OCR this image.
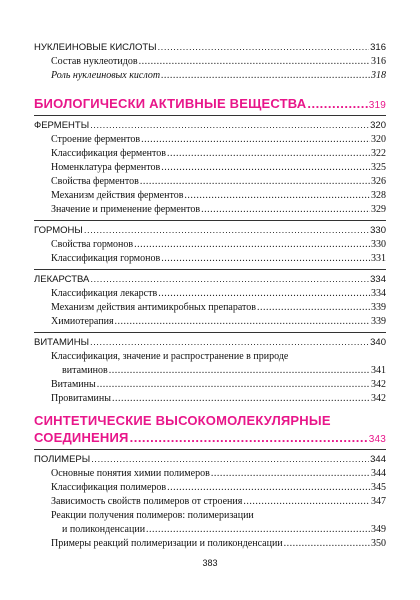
НУКЛЕИНОВЫЕ КИСЛОТЫ .....	316
Состав нуклеотидов .....	316
Роль нуклеиновых кислот .....	318
БИОЛОГИЧЕСКИ АКТИВНЫЕ ВЕЩЕСТВА .....	319
ФЕРМЕНТЫ .....	320
Строение ферментов .....	320
Классификация ферментов .....	322
Номенклатура ферментов .....	325
Свойства ферментов .....	326
Механизм действия ферментов .....	328
Значение и применение ферментов .....	329
ГОРМОНЫ .....	330
Свойства гормонов .....	330
Классификация гормонов .....	331
ЛЕКАРСТВА .....	334
Классификация лекарств .....	334
Механизм действия антимикробных препаратов .....	339
Химиотерапия .....	339
ВИТАМИНЫ .....	340
Классификация, значение и распространение в природе
витаминов .....	341
Витамины .....	342
Провитамины .....	342
СИНТЕТИЧЕСКИЕ ВЫСОКОМОЛЕКУЛЯРНЫЕ
СОЕДИНЕНИЯ .....	343
ПОЛИМЕРЫ .....	344
Основные понятия химии полимеров .....	344
Классификация полимеров .....	345
Зависимость свойств полимеров от строения .....	347
Реакции получения полимеров: полимеризации
и поликонденсации .....	349
Примеры реакций полимеризации и поликонденсации .....	350
383
